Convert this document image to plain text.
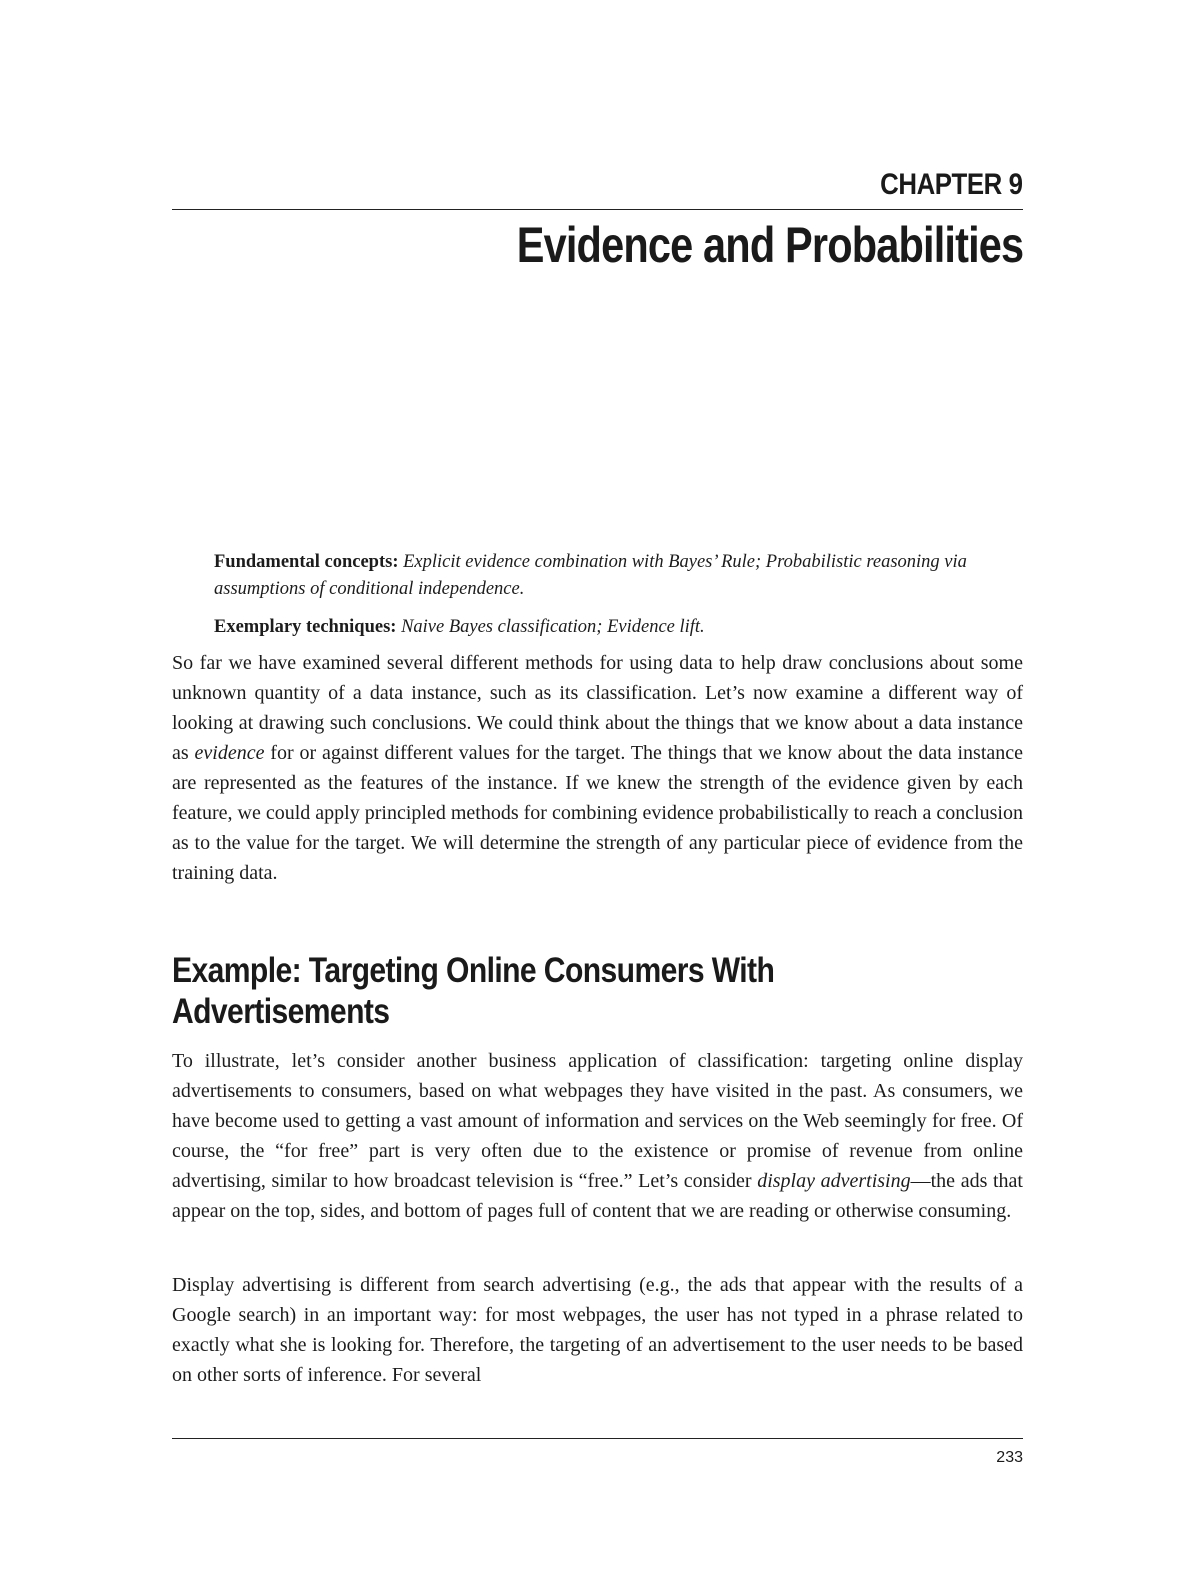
CHAPTER 9
Evidence and Probabilities

Fundamental concepts: Explicit evidence combination with Bayes’ Rule; Probabilistic reasoning via assumptions of conditional independence.

Exemplary techniques: Naive Bayes classification; Evidence lift.

So far we have examined several different methods for using data to help draw conclusions about some unknown quantity of a data instance, such as its classification. Let’s now examine a different way of looking at drawing such conclusions. We could think about the things that we know about a data instance as evidence for or against different values for the target. The things that we know about the data instance are represented as the features of the instance. If we knew the strength of the evidence given by each feature, we could apply principled methods for combining evidence probabilistically to reach a conclusion as to the value for the target. We will determine the strength of any particular piece of evidence from the training data.

Example: Targeting Online Consumers With
Advertisements

To illustrate, let’s consider another business application of classification: targeting online display advertisements to consumers, based on what webpages they have visited in the past. As consumers, we have become used to getting a vast amount of information and services on the Web seemingly for free. Of course, the “for free” part is very often due to the existence or promise of revenue from online advertising, similar to how broadcast television is “free.” Let’s consider display advertising—the ads that appear on the top, sides, and bottom of pages full of content that we are reading or otherwise consuming.

Display advertising is different from search advertising (e.g., the ads that appear with the results of a Google search) in an important way: for most webpages, the user has not typed in a phrase related to exactly what she is looking for. Therefore, the targeting of an advertisement to the user needs to be based on other sorts of inference. For several

233
